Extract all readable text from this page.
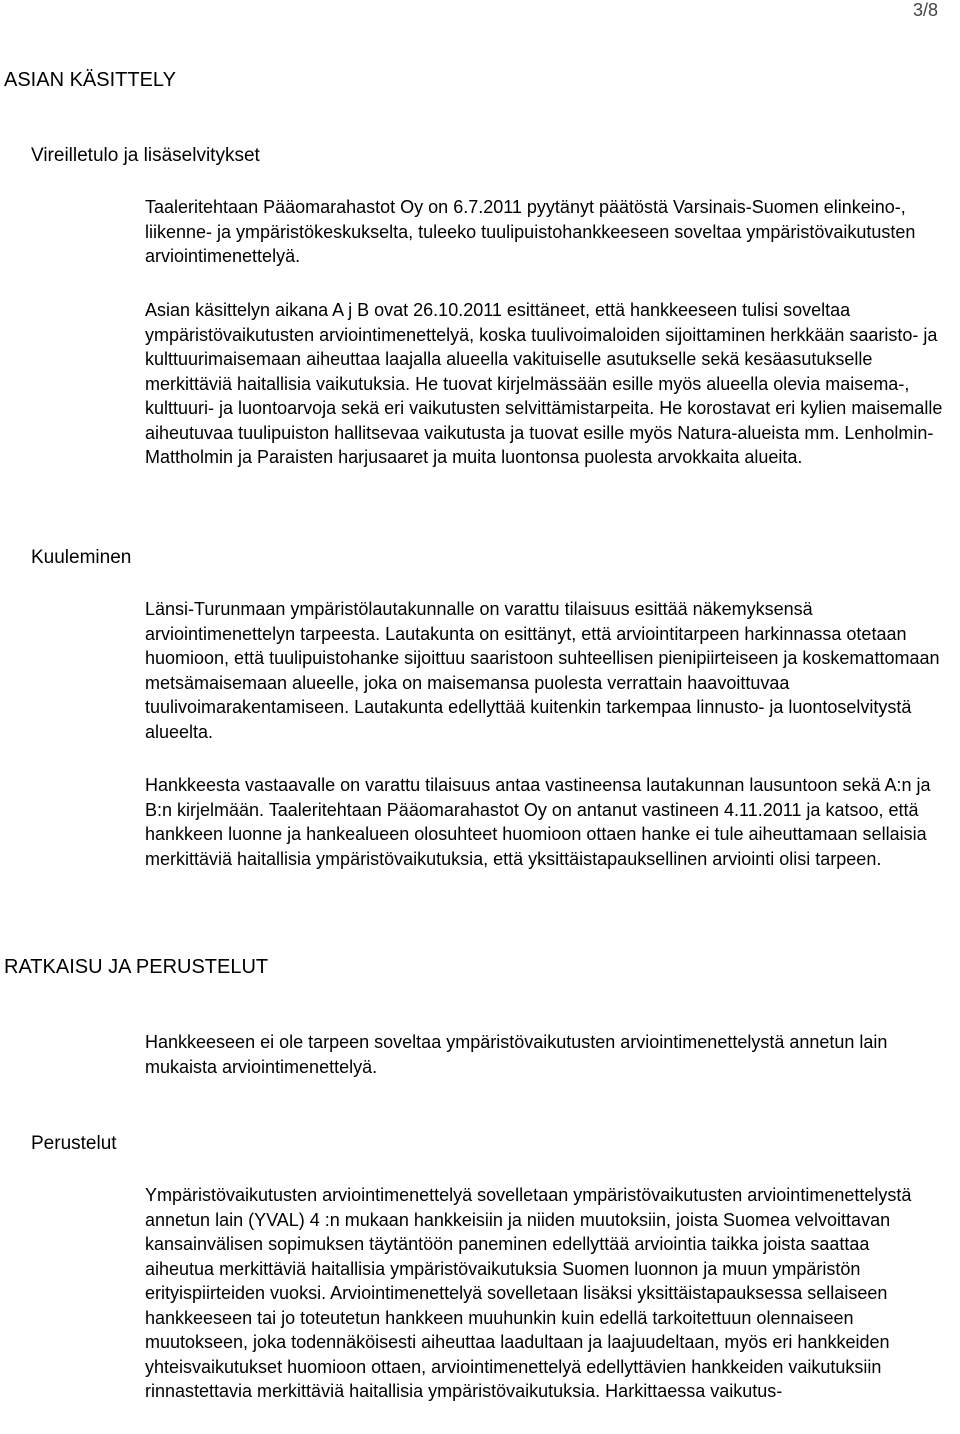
3/8
ASIAN KÄSITTELY
Vireilletulo ja lisäselvitykset

Taaleritehtaan Pääomarahastot Oy on 6.7.2011 pyytänyt päätöstä Varsinais-Suomen elinkeino-, liikenne- ja ympäristökeskukselta, tuleeko tuulipuistohankkeeseen soveltaa ympäristövaikutusten arviointimenettelyä.

Asian käsittelyn aikana A j B ovat 26.10.2011 esittäneet, että hankkeeseen tulisi soveltaa ympäristövaikutusten arviointimenettelyä, koska tuulivoimaloiden sijoittaminen herkkään saaristo- ja kulttuurimaisemaan aiheuttaa laajalla alueella vakituiselle asutukselle sekä kesäasutukselle merkittäviä haitallisia vaikutuksia. He tuovat kirjelmässään esille myös alueella olevia maisema-, kulttuuri- ja luontoarvoja sekä eri vaikutusten selvittämistarpeita. He korostavat eri kylien maisemalle aiheutuvaa tuulipuiston hallitsevaa vaikutusta ja tuovat esille myös Natura-alueista mm. Lenholmin-Mattholmin ja Paraisten harjusaaret ja muita luontonsa puolesta arvokkaita alueita.

Kuuleminen

Länsi-Turunmaan ympäristölautakunnalle on varattu tilaisuus esittää näkemyksensä arviointimenettelyn tarpeesta. Lautakunta on esittänyt, että arviointitarpeen harkinnassa otetaan huomioon, että tuulipuistohanke sijoittuu saaristoon suhteellisen pienipiirteiseen ja koskemattomaan metsämaisemaan alueelle, joka on maisemansa puolesta verrattain haavoittuvaa tuulivoimarakentamiseen. Lautakunta edellyttää kuitenkin tarkempaa linnusto- ja luontoselvitystä alueelta.

Hankkeesta vastaavalle on varattu tilaisuus antaa vastineensa lautakunnan lausuntoon sekä A:n ja B:n kirjelmään. Taaleritehtaan Pääomarahastot Oy on antanut vastineen 4.11.2011 ja katsoo, että hankkeen luonne ja hankealueen olosuhteet huomioon ottaen hanke ei tule aiheuttamaan sellaisia merkittäviä haitallisia ympäristövaikutuksia, että yksittäistapauksellinen arviointi olisi tarpeen.

RATKAISU JA PERUSTELUT

Hankkeeseen ei ole tarpeen soveltaa ympäristövaikutusten arviointimenettelystä annetun lain mukaista arviointimenettelyä.

Perustelut

Ympäristövaikutusten arviointimenettelyä sovelletaan ympäristövaikutusten arviointimenettelystä annetun lain (YVAL) 4 :n mukaan hankkeisiin ja niiden muutoksiin, joista Suomea velvoittavan kansainvälisen sopimuksen täytäntöön paneminen edellyttää arviointia taikka joista saattaa aiheutua merkittäviä haitallisia ympäristövaikutuksia Suomen luonnon ja muun ympäristön erityispiirteiden vuoksi. Arviointimenettelyä sovelletaan lisäksi yksittäistapauksessa sellaiseen hankkeeseen tai jo toteutetun hankkeen muuhunkin kuin edellä tarkoitettuun olennaiseen muutokseen, joka todennäköisesti aiheuttaa laadultaan ja laajuudeltaan, myös eri hankkeiden yhteisvaikutukset huomioon ottaen, arviointimenettelyä edellyttävien hankkeiden vaikutuksiin rinnastettavia merkittäviä haitallisia ympäristövaikutuksia. Harkittaessa vaikutus-
